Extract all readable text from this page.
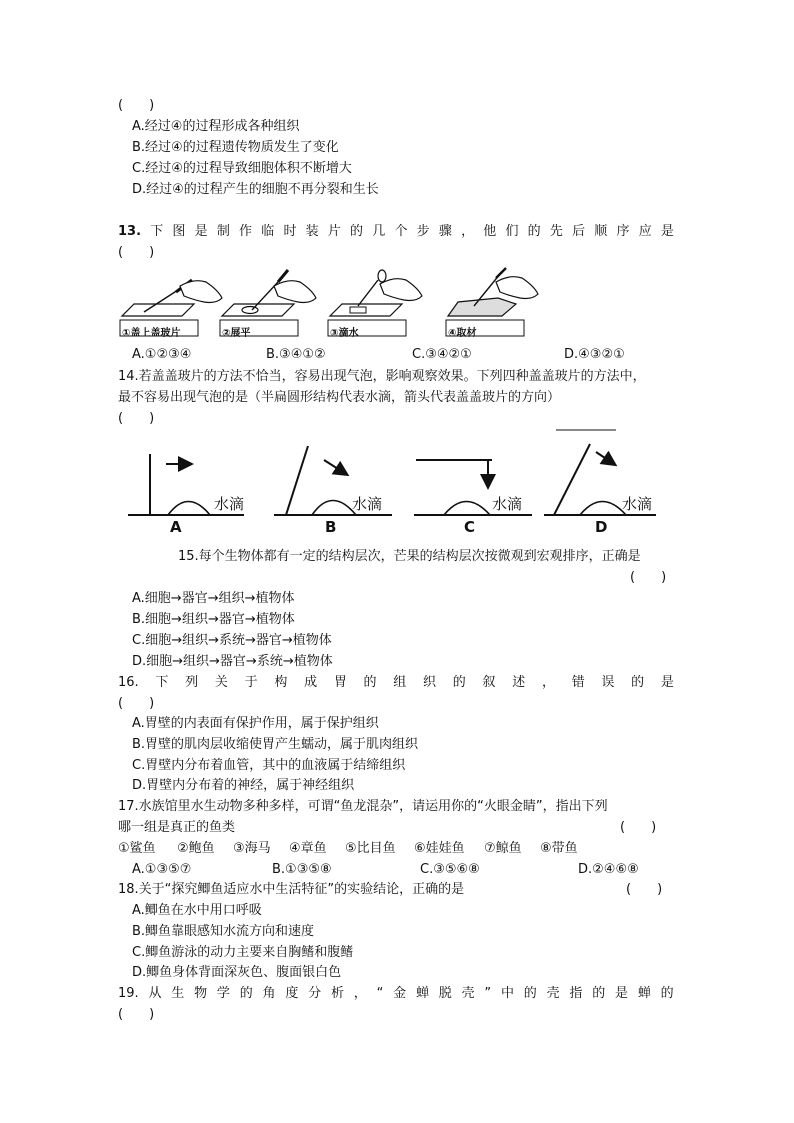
(　　)
A.经过④的过程形成各种组织
B.经过④的过程遗传物质发生了变化
C.经过④的过程导致细胞体积不断增大
D.经过④的过程产生的细胞不再分裂和生长
13. 下 图 是 制 作 临 时 装 片 的 几 个 步 骤 ， 他 们 的 先 后 顺 序 应 是
(　　)
①盖上盖玻片	②展平	③滴水	④取材
A.①②③④	B.③④①②	C.③④②①	D.④③②①
14.若盖盖玻片的方法不恰当，容易出现气泡，影响观察效果。下列四种盖盖玻片的方法中，
最不容易出现气泡的是（半扁圆形结构代表水滴，箭头代表盖盖玻片的方向）
(　　)
水滴	水滴	水滴	水滴
A	B	C	D
15.每个生物体都有一定的结构层次，芒果的结构层次按微观到宏观排序，正确是
(　　)
A.细胞→器官→组织→植物体
B.细胞→组织→器官→植物体
C.细胞→组织→系统→器官→植物体
D.细胞→组织→器官→系统→植物体
16. 下 列 关 于 构 成 胃 的 组 织 的 叙 述 ， 错 误 的 是
(　　)
A.胃壁的内表面有保护作用，属于保护组织
B.胃壁的肌肉层收缩使胃产生蠕动，属于肌肉组织
C.胃壁内分布着血管，其中的血液属于结缔组织
D.胃壁内分布着的神经，属于神经组织
17.水族馆里水生动物多种多样，可谓“鱼龙混杂”，请运用你的“火眼金睛”，指出下列
哪一组是真正的鱼类	(　　)
①鲨鱼 ②鲍鱼 ③海马 ④章鱼 ⑤比目鱼 ⑥娃娃鱼 ⑦鲸鱼 ⑧带鱼
A.①③⑤⑦	B.①③⑤⑧	C.③⑤⑥⑧	D.②④⑥⑧
18.关于“探究鲫鱼适应水中生活特征”的实验结论，正确的是	(　　)
A.鲫鱼在水中用口呼吸
B.鲫鱼靠眼感知水流方向和速度
C.鲫鱼游泳的动力主要来自胸鳍和腹鳍
D.鲫鱼身体背面深灰色、腹面银白色
19. 从 生 物 学 的 角 度 分 析 ， “ 金 蝉 脱 壳 ” 中 的 壳 指 的 是 蝉 的
(　　)
